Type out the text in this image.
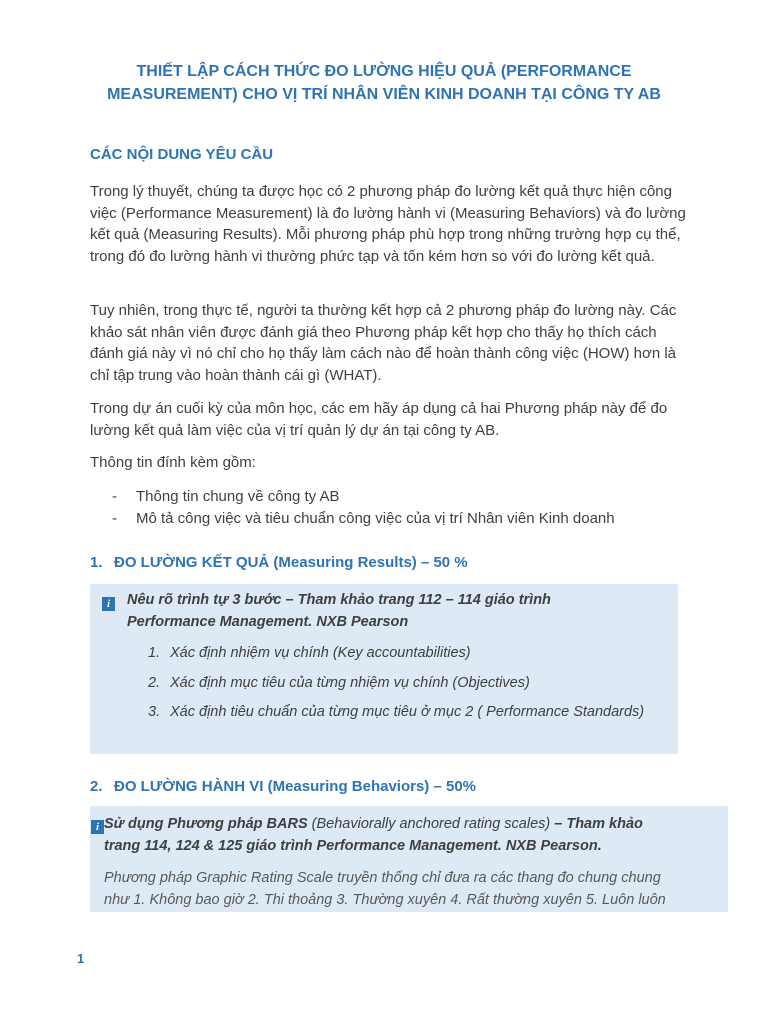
THIẾT LẬP CÁCH THỨC ĐO LƯỜNG HIỆU QUẢ (PERFORMANCE
MEASUREMENT) CHO VỊ TRÍ NHÂN VIÊN KINH DOANH TẠI CÔNG TY AB
CÁC NỘI DUNG YÊU CẦU
Trong lý thuyết, chúng ta được học có 2 phương pháp đo lường kết quả thực hiện công việc (Performance Measurement) là đo lường hành vi (Measuring Behaviors) và đo lường kết quả (Measuring Results). Mỗi phương pháp phù hợp trong những trường hợp cụ thể, trong đó đo lường hành vi thường phức tạp và tốn kém hơn so với đo lường kết quả.
Tuy nhiên, trong thực tế, người ta thường kết hợp cả 2 phương pháp đo lường này. Các khảo sát nhân viên được đánh giá theo Phương pháp kết hợp cho thấy họ thích cách đánh giá này vì nó chỉ cho họ thấy làm cách nào để hoàn thành công việc (HOW) hơn là chỉ tập trung vào hoàn thành cái gì (WHAT).
Trong dự án cuối kỳ của môn học, các em hãy áp dụng cả hai Phương pháp này để đo lường kết quả làm việc của vị trí quản lý dự án tại công ty AB.
Thông tin đính kèm gồm:
-	Thông tin chung về công ty AB
-	Mô tả công việc và tiêu chuẩn công việc của vị trí Nhân viên Kinh doanh
1. ĐO LƯỜNG KẾT QUẢ (Measuring Results) – 50 %
i	Nêu rõ trình tự 3 bước – Tham khảo trang 112 – 114 giáo trình
Performance Management. NXB Pearson
1. Xác định nhiệm vụ chính (Key accountabilities)
2. Xác định mục tiêu của từng nhiệm vụ chính (Objectives)
3. Xác định tiêu chuẩn của từng mục tiêu ở mục 2 ( Performance Standards)
2. ĐO LƯỜNG HÀNH VI (Measuring Behaviors) – 50%
i Sử dụng Phương pháp BARS (Behaviorally anchored rating scales) – Tham khảo
trang 114, 124 & 125 giáo trình Performance Management. NXB Pearson.
Phương pháp Graphic Rating Scale truyền thống chỉ đưa ra các thang đo chung chung
như 1. Không bao giờ 2. Thi thoảng 3. Thường xuyên 4. Rất thường xuyên 5. Luôn luôn
1
